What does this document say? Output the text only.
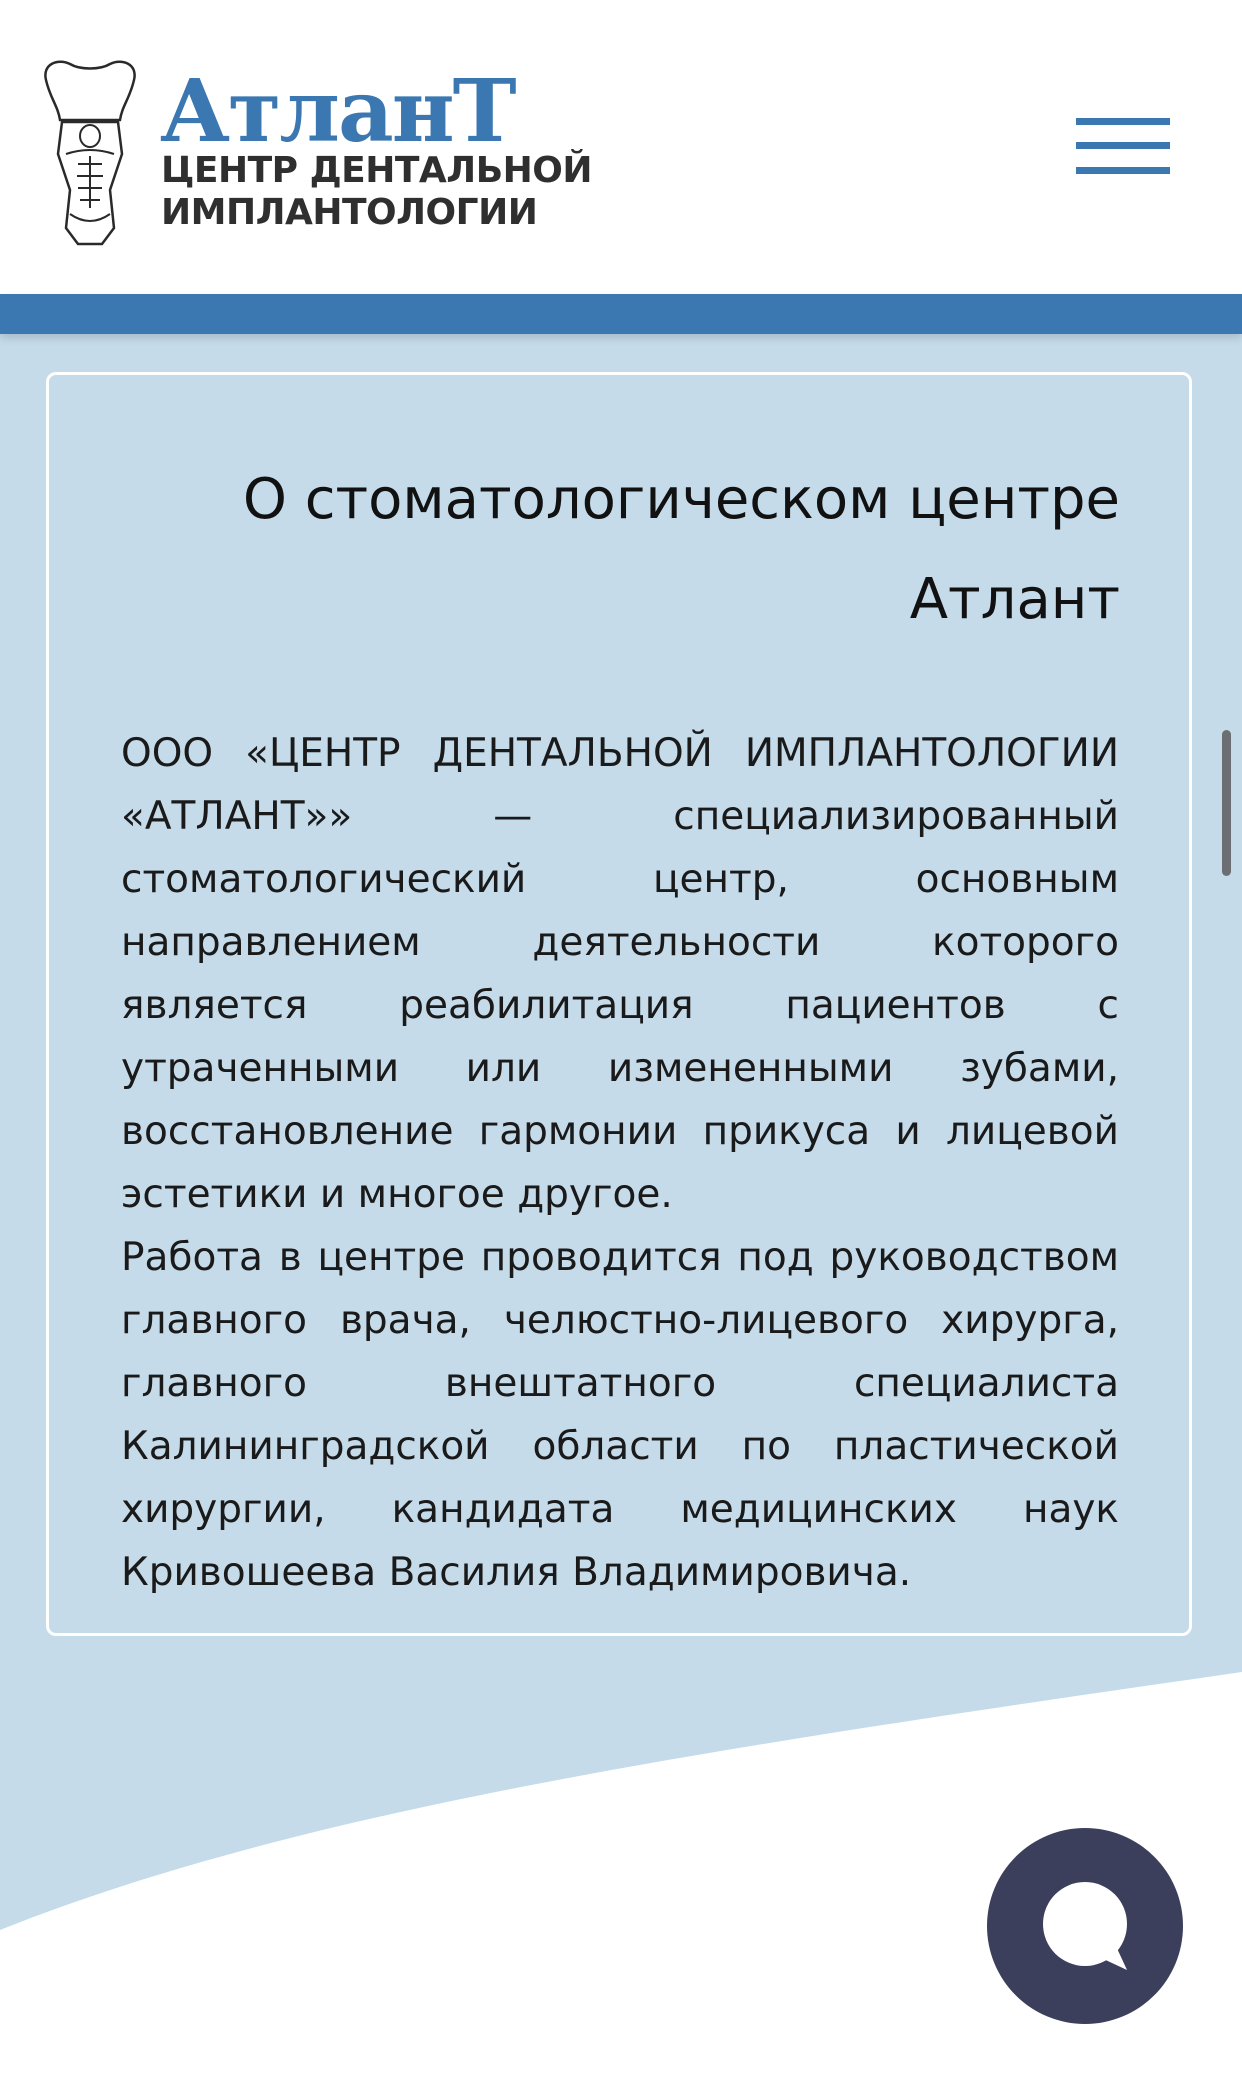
АтланТ
ЦЕНТР ДЕНТАЛЬНОЙ
ИМПЛАНТОЛОГИИ
О стоматологическом центре Атлант

ООО «ЦЕНТР ДЕНТАЛЬНОЙ ИМПЛАНТОЛОГИИ «АТЛАНТ»» — специализированный стоматологический центр, основным направлением деятельности которого является реабилитация пациентов с утраченными или измененными зубами, восстановление гармонии прикуса и лицевой эстетики и многое другое.

Работа в центре проводится под руководством главного врача, челюстно-лицевого хирурга, главного внештатного специалиста Калининградской области по пластической хирургии, кандидата медицинских наук Кривошеева Василия Владимировича.
